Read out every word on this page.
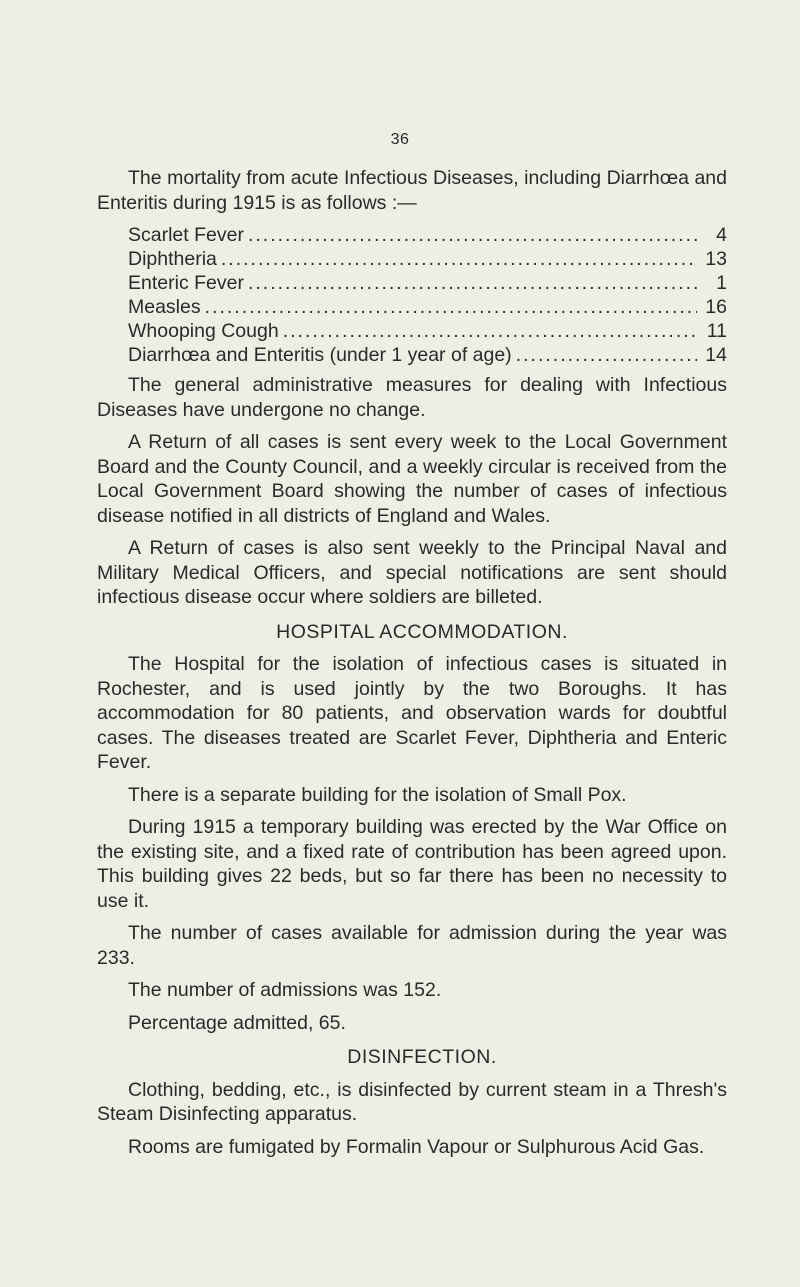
36

The mortality from acute Infectious Diseases, including Diarrhœa and Enteritis during 1915 is as follows :—

Scarlet Fever .....	4
Diphtheria .....	13
Enteric Fever .....	1
Measles .....	16
Whooping Cough .....	11
Diarrhœa and Enteritis (under 1 year of age) .....	14

The general administrative measures for dealing with Infectious Diseases have undergone no change.

A Return of all cases is sent every week to the Local Government Board and the County Council, and a weekly circular is received from the Local Government Board showing the number of cases of infectious disease notified in all districts of England and Wales.

A Return of cases is also sent weekly to the Principal Naval and Military Medical Officers, and special notifications are sent should infectious disease occur where soldiers are billeted.

HOSPITAL ACCOMMODATION.

The Hospital for the isolation of infectious cases is situated in Rochester, and is used jointly by the two Boroughs. It has accommodation for 80 patients, and observation wards for doubtful cases. The diseases treated are Scarlet Fever, Diphtheria and Enteric Fever.

There is a separate building for the isolation of Small Pox.

During 1915 a temporary building was erected by the War Office on the existing site, and a fixed rate of contribution has been agreed upon. This building gives 22 beds, but so far there has been no necessity to use it.

The number of cases available for admission during the year was 233.

The number of admissions was 152.

Percentage admitted, 65.

DISINFECTION.

Clothing, bedding, etc., is disinfected by current steam in a Thresh's Steam Disinfecting apparatus.

Rooms are fumigated by Formalin Vapour or Sulphurous Acid Gas.
